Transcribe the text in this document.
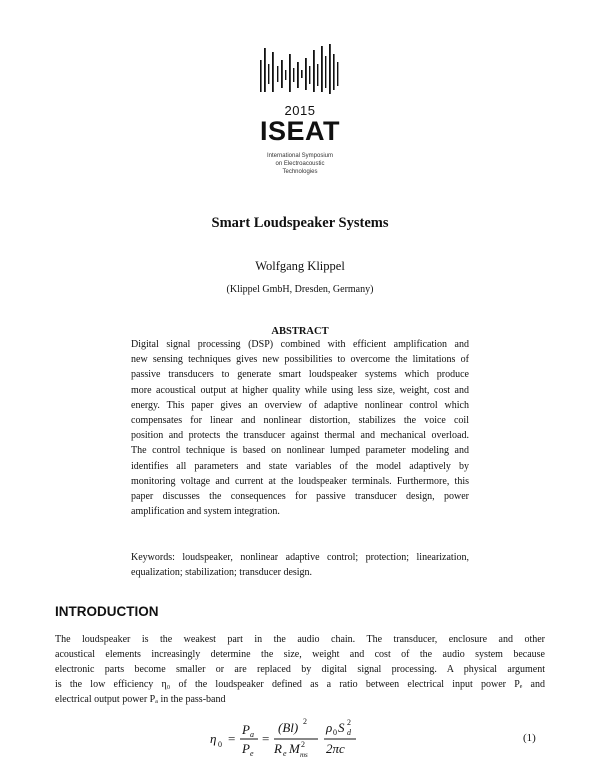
2015
ISEAT
International Symposium
on Electroacoustic
Technologies
Smart Loudspeaker Systems
Wolfgang Klippel
(Klippel GmbH, Dresden, Germany)
ABSTRACT
Digital signal processing (DSP) combined with efficient amplification and
new sensing techniques gives new possibilities to overcome the limitations of
passive transducers to generate smart loudspeaker systems which produce
more acoustical output at higher quality while using less size, weight, cost and
energy. This paper gives an overview of adaptive nonlinear control which
compensates for linear and nonlinear distortion, stabilizes the voice coil
position and protects the transducer against thermal and mechanical overload.
The control technique is based on nonlinear lumped parameter modeling and
identifies all parameters and state variables of the model adaptively by
monitoring voltage and current at the loudspeaker terminals. Furthermore, this
paper discusses the consequences for passive transducer design, power
amplification and system integration.
Keywords: loudspeaker, nonlinear adaptive control; protection; linearization,
equalization; stabilization; transducer design.
INTRODUCTION
The loudspeaker is the weakest part in the audio chain. The transducer, enclosure and other
acoustical elements increasingly determine the size, weight and cost of the audio system because
electronic parts become smaller or are replaced by digital signal processing. A physical argument
is the low efficiency η₀ of the loudspeaker defined as a ratio between electrical input power Pₑ and
electrical output power Pₐ in the pass-band
η 0 =
P a
P e
=
(Bl) 2
R e M 2
ms
ρ 0 S 2
d
2πc
(1)
